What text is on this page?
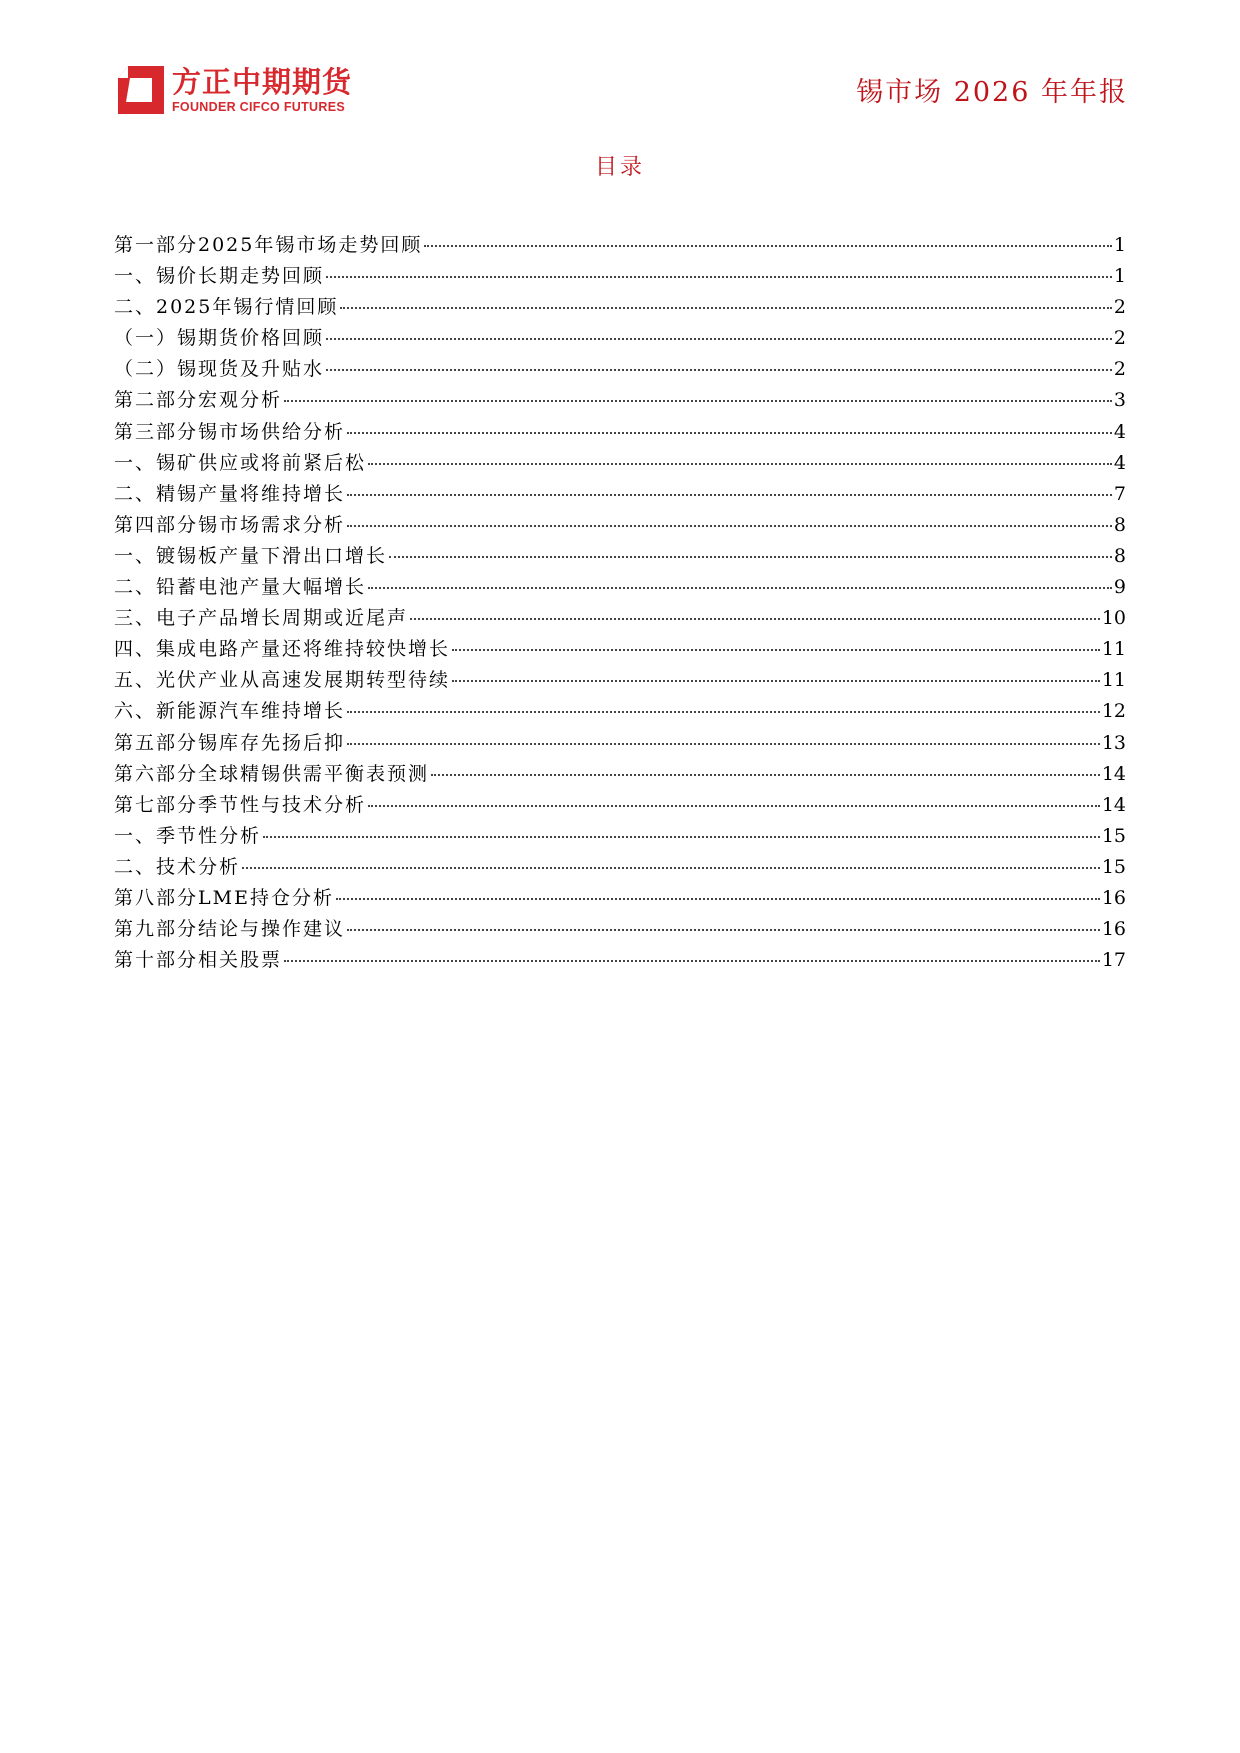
方正中期期货
FOUNDER CIFCO FUTURES	锡市场 2026 年年报
目录
第一部分2025年锡市场走势回顾	1
一、锡价长期走势回顾	1
二、2025年锡行情回顾	2
（一）锡期货价格回顾	2
（二）锡现货及升贴水	2
第二部分宏观分析	3
第三部分锡市场供给分析	4
一、锡矿供应或将前紧后松	4
二、精锡产量将维持增长	7
第四部分锡市场需求分析	8
一、镀锡板产量下滑出口增长	8
二、铅蓄电池产量大幅增长	9
三、电子产品增长周期或近尾声	10
四、集成电路产量还将维持较快增长	11
五、光伏产业从高速发展期转型待续	11
六、新能源汽车维持增长	12
第五部分锡库存先扬后抑	13
第六部分全球精锡供需平衡表预测	14
第七部分季节性与技术分析	14
一、季节性分析	15
二、技术分析	15
第八部分LME持仓分析	16
第九部分结论与操作建议	16
第十部分相关股票	17
